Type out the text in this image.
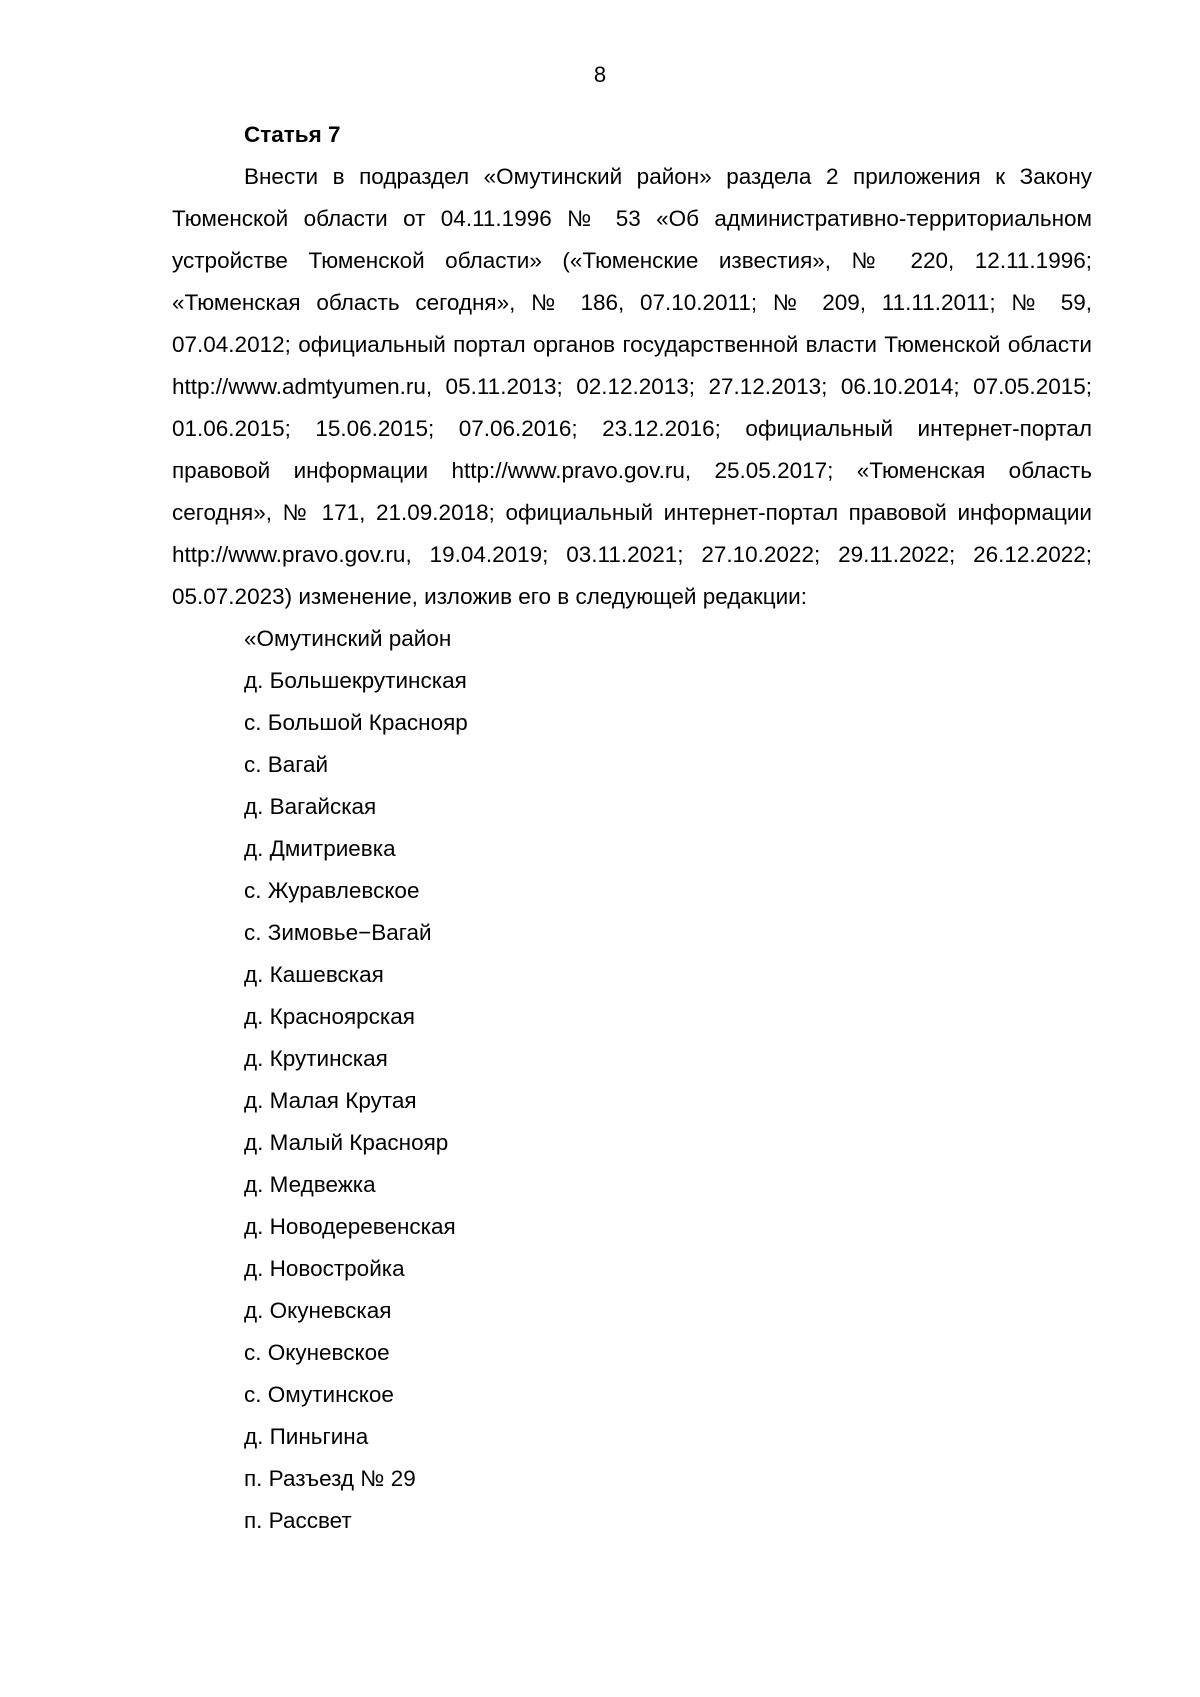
8
Статья 7

Внести в подраздел «Омутинский район» раздела 2 приложения к Закону Тюменской области от 04.11.1996 № 53 «Об административно-территориальном устройстве Тюменской области» («Тюменские известия», № 220, 12.11.1996; «Тюменская область сегодня», № 186, 07.10.2011; № 209, 11.11.2011; № 59, 07.04.2012; официальный портал органов государственной власти Тюменской области http://www.admtyumen.ru, 05.11.2013; 02.12.2013; 27.12.2013; 06.10.2014; 07.05.2015; 01.06.2015; 15.06.2015; 07.06.2016; 23.12.2016; официальный интернет-портал правовой информации http://www.pravo.gov.ru, 25.05.2017; «Тюменская область сегодня», № 171, 21.09.2018; официальный интернет-портал правовой информации http://www.pravo.gov.ru, 19.04.2019; 03.11.2021; 27.10.2022; 29.11.2022; 26.12.2022; 05.07.2023) изменение, изложив его в следующей редакции:

«Омутинский район
д. Большекрутинская
с. Большой Краснояр
с. Вагай
д. Вагайская
д. Дмитриевка
с. Журавлевское
с. Зимовье−Вагай
д. Кашевская
д. Красноярская
д. Крутинская
д. Малая Крутая
д. Малый Краснояр
д. Медвежка
д. Новодеревенская
д. Новостройка
д. Окуневская
с. Окуневское
с. Омутинское
д. Пиньгина
п. Разъезд № 29
п. Рассвет
